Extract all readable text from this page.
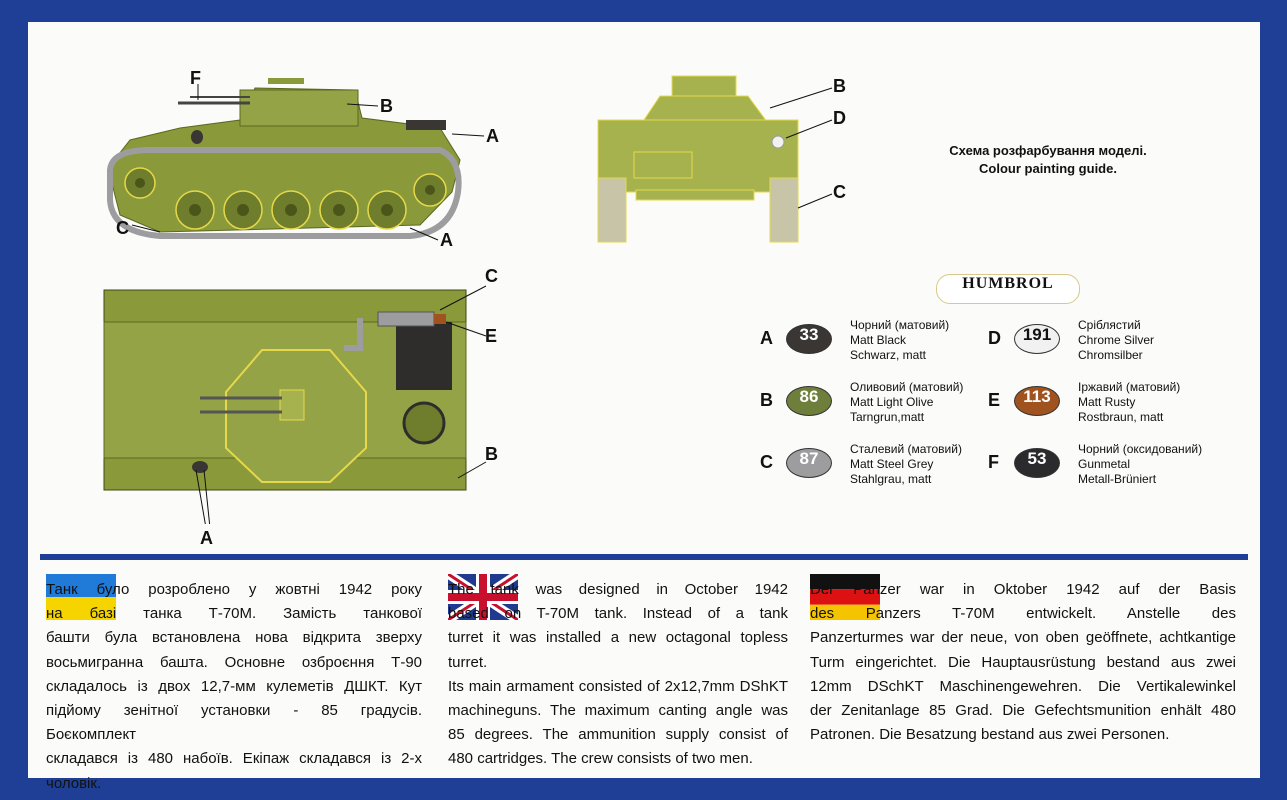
F
B
A
C
A
B
D
C
C
E
B
A
Схема розфарбування моделі.
Colour painting guide.
HUMBROL
A	33	Чорний (матовий)
Matt Black
Schwarz, matt
B	86	Оливовий (матовий)
Matt Light Olive
Tarngrun,matt
C	87	Сталевий (матовий)
Matt Steel Grey
Stahlgrau, matt
D	191	Сріблястий
Chrome Silver
Chromsilber
E	113	Іржавий (матовий)
Matt Rusty
Rostbraun, matt
F	53	Чорний (оксидований)
Gunmetal
Metall-Brüniert

Танк було розроблено у жовтні 1942 року

на базі танка Т-70М. Замість танкової

башти була встановлена нова відкрита зверху

восьмигранна башта. Основне озброєння Т-90

складалось із двох 12,7-мм кулеметів ДШКТ. Кут

підйому зенітної установки - 85 градусів. Боєкомплект

складався із 480 набоїв. Екіпаж складався із 2-х чоловік.

The tank was designed in October 1942

based on T-70M tank. Instead of a tank

turret it was installed a new octagonal topless turret.

Its main armament consisted of 2x12,7mm DShKT

machineguns. The maximum canting angle was

85 degrees. The ammunition supply consist of

480 cartridges. The crew consists of two men.

Der Panzer war in Oktober 1942 auf der Basis

des Panzers T-70M entwickelt. Anstelle des

Panzerturmes war der neue, von oben geöffnete, achtkantige

Turm eingerichtet. Die Hauptausrüstung bestand aus zwei

12mm DSchKT Maschinengewehren. Die Vertikalewinkel

der Zenitanlage 85 Grad. Die Gefechtsmunition enhält 480

Patronen. Die Besatzung bestand aus zwei Personen.
